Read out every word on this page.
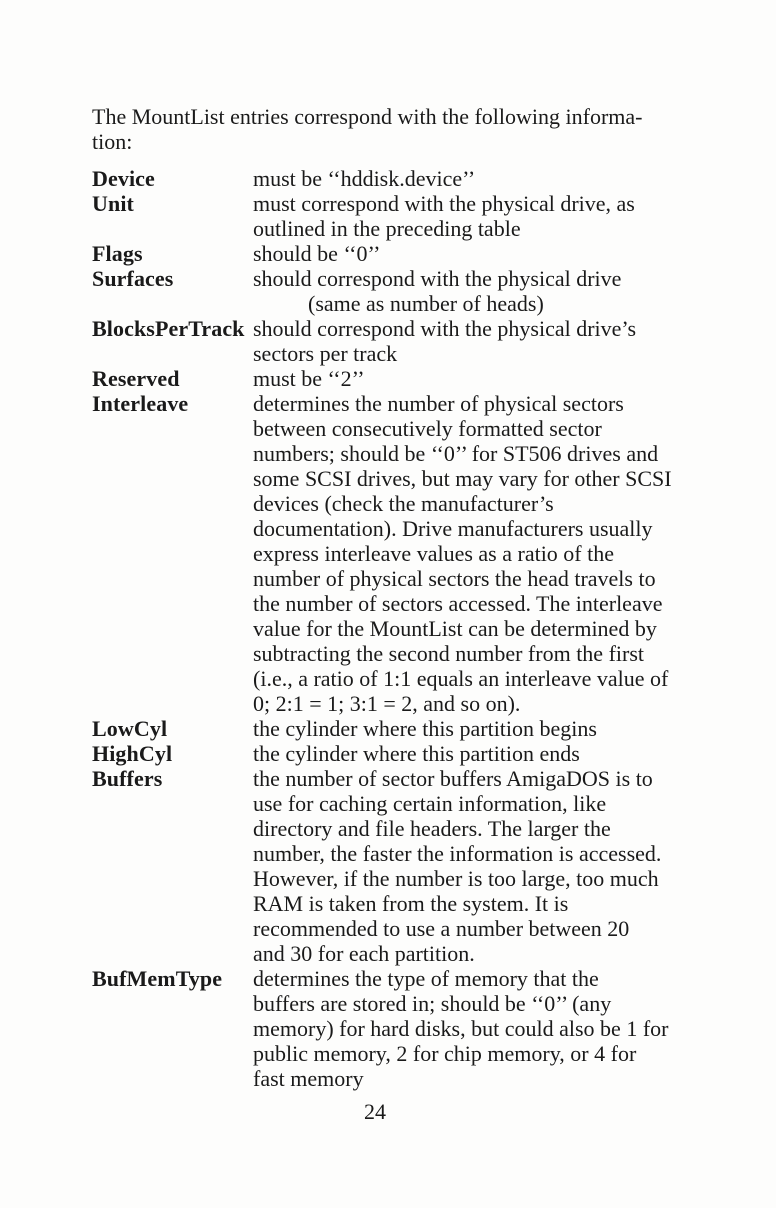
The MountList entries correspond with the following informa-
tion:
Device	must be ‘‘hddisk.device’’
Unit	must correspond with the physical drive, as
outlined in the preceding table
Flags	should be ‘‘0’’
Surfaces	should correspond with the physical drive
(same as number of heads)
BlocksPerTrack should correspond with the physical drive’s
sectors per track
Reserved	must be ‘‘2’’
Interleave	determines the number of physical sectors
between consecutively formatted sector
numbers; should be ‘‘0’’ for ST506 drives and
some SCSI drives, but may vary for other SCSI
devices (check the manufacturer’s
documentation). Drive manufacturers usually
express interleave values as a ratio of the
number of physical sectors the head travels to
the number of sectors accessed. The interleave
value for the MountList can be determined by
subtracting the second number from the first
(i.e., a ratio of 1:1 equals an interleave value of
0; 2:1 = 1; 3:1 = 2, and so on).
LowCyl	the cylinder where this partition begins
HighCyl	the cylinder where this partition ends
Buffers	the number of sector buffers AmigaDOS is to
use for caching certain information, like
directory and file headers. The larger the
number, the faster the information is accessed.
However, if the number is too large, too much
RAM is taken from the system. It is
recommended to use a number between 20
and 30 for each partition.
BufMemType	determines the type of memory that the
buffers are stored in; should be ‘‘0’’ (any
memory) for hard disks, but could also be 1 for
public memory, 2 for chip memory, or 4 for
fast memory
24
